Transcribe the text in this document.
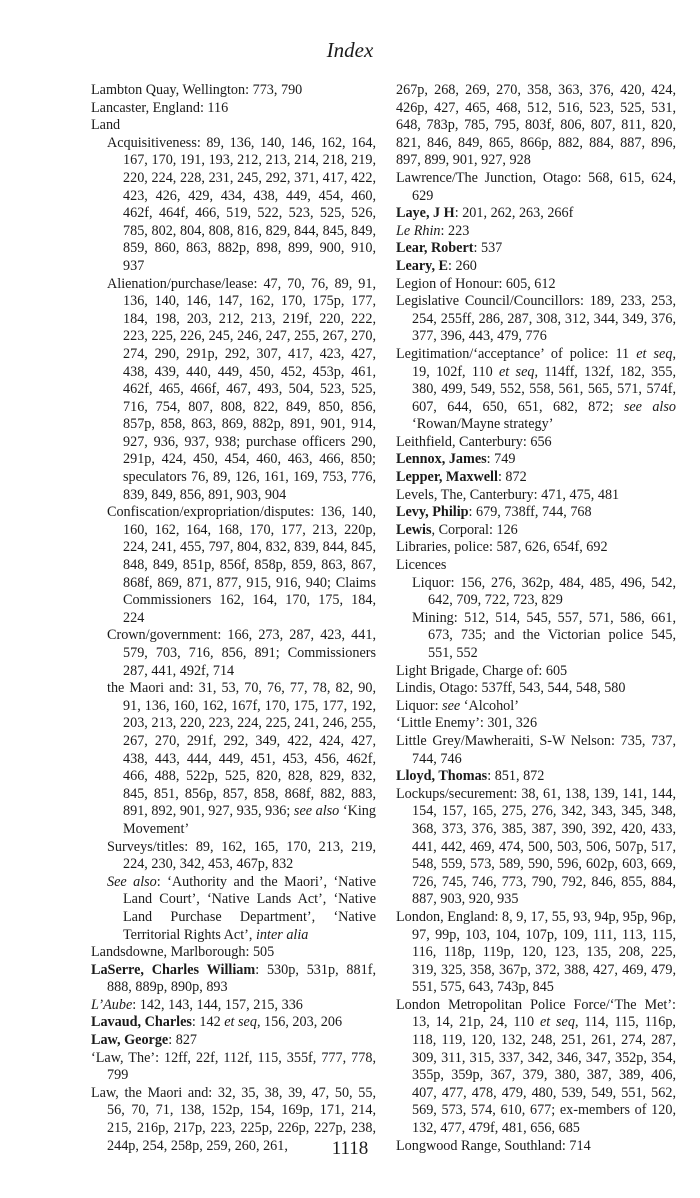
Index
Lambton Quay, Wellington: 773, 790
Lancaster, England: 116
Land
Acquisitiveness: 89, 136, 140, 146, 162, 164, 167, 170, 191, 193, 212, 213, 214, 218, 219, 220, 224, 228, 231, 245, 292, 371, 417, 422, 423, 426, 429, 434, 438, 449, 454, 460, 462f, 464f, 466, 519, 522, 523, 525, 526, 785, 802, 804, 808, 816, 829, 844, 845, 849, 859, 860, 863, 882p, 898, 899, 900, 910, 937
Alienation/purchase/lease: 47, 70, 76, 89, 91, 136, 140, 146, 147, 162, 170, 175p, 177, 184, 198, 203, 212, 213, 219f, 220, 222, 223, 225, 226, 245, 246, 247, 255, 267, 270, 274, 290, 291p, 292, 307, 417, 423, 427, 438, 439, 440, 449, 450, 452, 453p, 461, 462f, 465, 466f, 467, 493, 504, 523, 525, 716, 754, 807, 808, 822, 849, 850, 856, 857p, 858, 863, 869, 882p, 891, 901, 914, 927, 936, 937, 938; purchase officers 290, 291p, 424, 450, 454, 460, 463, 466, 850; speculators 76, 89, 126, 161, 169, 753, 776, 839, 849, 856, 891, 903, 904
Confiscation/expropriation/disputes: 136, 140, 160, 162, 164, 168, 170, 177, 213, 220p, 224, 241, 455, 797, 804, 832, 839, 844, 845, 848, 849, 851p, 856f, 858p, 859, 863, 867, 868f, 869, 871, 877, 915, 916, 940; Claims Commissioners 162, 164, 170, 175, 184, 224
Crown/government: 166, 273, 287, 423, 441, 579, 703, 716, 856, 891; Commissioners 287, 441, 492f, 714
the Maori and: 31, 53, 70, 76, 77, 78, 82, 90, 91, 136, 160, 162, 167f, 170, 175, 177, 192, 203, 213, 220, 223, 224, 225, 241, 246, 255, 267, 270, 291f, 292, 349, 422, 424, 427, 438, 443, 444, 449, 451, 453, 456, 462f, 466, 488, 522p, 525, 820, 828, 829, 832, 845, 851, 856p, 857, 858, 868f, 882, 883, 891, 892, 901, 927, 935, 936; see also ‘King Movement’
Surveys/titles: 89, 162, 165, 170, 213, 219, 224, 230, 342, 453, 467p, 832
See also: ‘Authority and the Maori’, ‘Native Land Court’, ‘Native Lands Act’, ‘Native Land Purchase Department’, ‘Native Territorial Rights Act’, inter alia
Landsdowne, Marlborough: 505
LaSerre, Charles William: 530p, 531p, 881f, 888, 889p, 890p, 893
L’Aube: 142, 143, 144, 157, 215, 336
Lavaud, Charles: 142 et seq, 156, 203, 206
Law, George: 827
‘Law, The’: 12ff, 22f, 112f, 115, 355f, 777, 778, 799
Law, the Maori and: 32, 35, 38, 39, 47, 50, 55, 56, 70, 71, 138, 152p, 154, 169p, 171, 214, 215, 216p, 217p, 223, 225p, 226p, 227p, 238, 244p, 254, 258p, 259, 260, 261,
267p, 268, 269, 270, 358, 363, 376, 420, 424, 426p, 427, 465, 468, 512, 516, 523, 525, 531, 648, 783p, 785, 795, 803f, 806, 807, 811, 820, 821, 846, 849, 865, 866p, 882, 884, 887, 896, 897, 899, 901, 927, 928
Lawrence/The Junction, Otago: 568, 615, 624, 629
Laye, J H: 201, 262, 263, 266f
Le Rhin: 223
Lear, Robert: 537
Leary, E: 260
Legion of Honour: 605, 612
Legislative Council/Councillors: 189, 233, 253, 254, 255ff, 286, 287, 308, 312, 344, 349, 376, 377, 396, 443, 479, 776
Legitimation/‘acceptance’ of police: 11 et seq, 19, 102f, 110 et seq, 114ff, 132f, 182, 355, 380, 499, 549, 552, 558, 561, 565, 571, 574f, 607, 644, 650, 651, 682, 872; see also ‘Rowan/Mayne strategy’
Leithfield, Canterbury: 656
Lennox, James: 749
Lepper, Maxwell: 872
Levels, The, Canterbury: 471, 475, 481
Levy, Philip: 679, 738ff, 744, 768
Lewis, Corporal: 126
Libraries, police: 587, 626, 654f, 692
Licences
Liquor: 156, 276, 362p, 484, 485, 496, 542, 642, 709, 722, 723, 829
Mining: 512, 514, 545, 557, 571, 586, 661, 673, 735; and the Victorian police 545, 551, 552
Light Brigade, Charge of: 605
Lindis, Otago: 537ff, 543, 544, 548, 580
Liquor: see ‘Alcohol’
‘Little Enemy’: 301, 326
Little Grey/Mawheraiti, S-W Nelson: 735, 737, 744, 746
Lloyd, Thomas: 851, 872
Lockups/securement: 38, 61, 138, 139, 141, 144, 154, 157, 165, 275, 276, 342, 343, 345, 348, 368, 373, 376, 385, 387, 390, 392, 420, 433, 441, 442, 469, 474, 500, 503, 506, 507p, 517, 548, 559, 573, 589, 590, 596, 602p, 603, 669, 726, 745, 746, 773, 790, 792, 846, 855, 884, 887, 903, 920, 935
London, England: 8, 9, 17, 55, 93, 94p, 95p, 96p, 97, 99p, 103, 104, 107p, 109, 111, 113, 115, 116, 118p, 119p, 120, 123, 135, 208, 225, 319, 325, 358, 367p, 372, 388, 427, 469, 479, 551, 575, 643, 743p, 845
London Metropolitan Police Force/‘The Met’: 13, 14, 21p, 24, 110 et seq, 114, 115, 116p, 118, 119, 120, 132, 248, 251, 261, 274, 287, 309, 311, 315, 337, 342, 346, 347, 352p, 354, 355p, 359p, 367, 379, 380, 387, 389, 406, 407, 477, 478, 479, 480, 539, 549, 551, 562, 569, 573, 574, 610, 677; ex-members of 120, 132, 477, 479f, 481, 656, 685
Longwood Range, Southland: 714
1118
